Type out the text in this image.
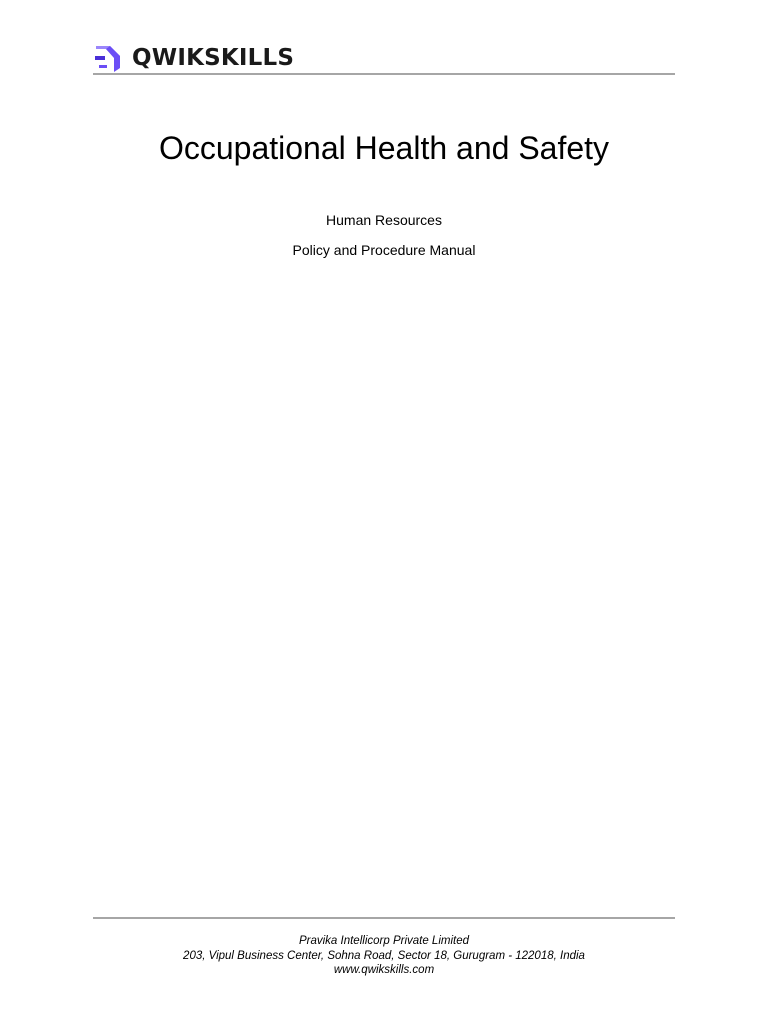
QWIKSKILLS
Occupational Health and Safety

Human Resources

Policy and Procedure Manual

Pravika Intellicorp Private Limited
203, Vipul Business Center, Sohna Road, Sector 18, Gurugram - 122018, India
www.qwikskills.com
